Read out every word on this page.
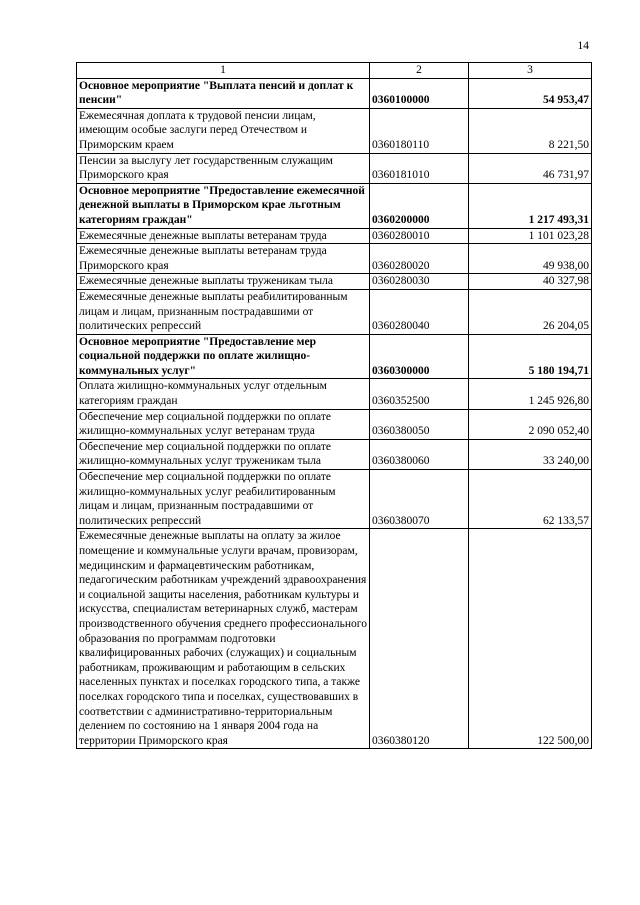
14
1	2	3
Основное мероприятие "Выплата пенсий и доплат к пенсии"	0360100000	54 953,47
Ежемесячная доплата к трудовой пенсии лицам, имеющим особые заслуги перед Отечеством и Приморским краем	0360180110	8 221,50
Пенсии за выслугу лет государственным служащим Приморского края	0360181010	46 731,97
Основное мероприятие "Предоставление ежемесячной денежной выплаты в Приморском крае льготным категориям граждан"	0360200000	1 217 493,31
Ежемесячные денежные выплаты ветеранам труда	0360280010	1 101 023,28
Ежемесячные денежные выплаты ветеранам труда Приморского края	0360280020	49 938,00
Ежемесячные денежные выплаты труженикам тыла	0360280030	40 327,98
Ежемесячные денежные выплаты реабилитированным лицам и лицам, признанным пострадавшими от политических репрессий	0360280040	26 204,05
Основное мероприятие "Предоставление мер социальной поддержки по оплате жилищно-коммунальных услуг"	0360300000	5 180 194,71
Оплата жилищно-коммунальных услуг отдельным категориям граждан	0360352500	1 245 926,80
Обеспечение мер социальной поддержки по оплате жилищно-коммунальных услуг ветеранам труда	0360380050	2 090 052,40
Обеспечение мер социальной поддержки по оплате жилищно-коммунальных услуг труженикам тыла	0360380060	33 240,00
Обеспечение мер социальной поддержки по оплате жилищно-коммунальных услуг реабилитированным лицам и лицам, признанным пострадавшими от политических репрессий	0360380070	62 133,57
Ежемесячные денежные выплаты на оплату за жилое помещение и коммунальные услуги врачам, провизорам, медицинским и фармацевтическим работникам, педагогическим работникам учреждений здравоохранения и социальной защиты населения, работникам культуры и искусства, специалистам ветеринарных служб, мастерам производственного обучения среднего профессионального образования по программам подготовки квалифицированных рабочих (служащих) и социальным работникам, проживающим и работающим в сельских населенных пунктах и поселках городского типа, а также поселках городского типа и поселках, существовавших в соответствии с административно-территориальным делением по состоянию на 1 января 2004 года на территории Приморского края	0360380120	122 500,00
